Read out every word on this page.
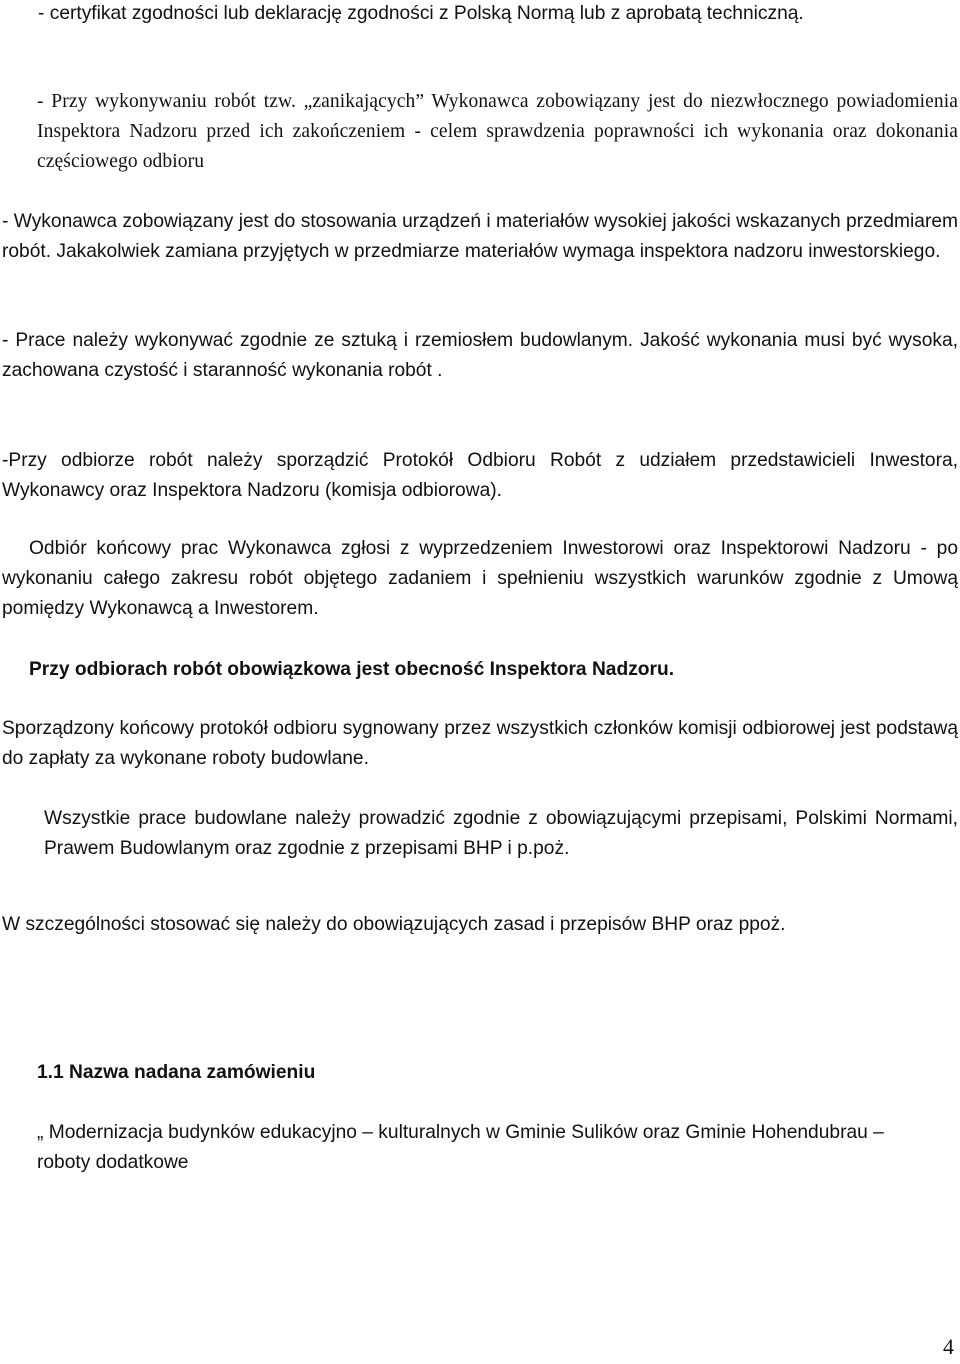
- certyfikat zgodności lub deklarację zgodności z Polską Normą lub z aprobatą techniczną.

- Przy wykonywaniu robót tzw. „zanikających” Wykonawca zobowiązany jest do niezwłocznego powiadomienia Inspektora Nadzoru przed ich zakończeniem - celem sprawdzenia poprawności ich wykonania oraz dokonania częściowego odbioru

- Wykonawca zobowiązany jest do stosowania urządzeń i materiałów wysokiej jakości wskazanych przedmiarem robót. Jakakolwiek zamiana przyjętych w przedmiarze materiałów wymaga inspektora nadzoru inwestorskiego.

- Prace należy wykonywać zgodnie ze sztuką i rzemiosłem budowlanym. Jakość wykonania musi być wysoka, zachowana czystość i staranność wykonania robót .

-Przy odbiorze robót należy sporządzić Protokół Odbioru Robót z udziałem przedstawicieli Inwestora, Wykonawcy oraz Inspektora Nadzoru (komisja odbiorowa).

Odbiór końcowy prac Wykonawca zgłosi z wyprzedzeniem Inwestorowi oraz Inspektorowi Nadzoru - po wykonaniu całego zakresu robót objętego zadaniem i spełnieniu wszystkich warunków zgodnie z Umową pomiędzy Wykonawcą a Inwestorem.

Przy odbiorach robót obowiązkowa jest obecność Inspektora Nadzoru.

Sporządzony końcowy protokół odbioru sygnowany przez wszystkich członków komisji odbiorowej jest podstawą do zapłaty za wykonane roboty budowlane.

Wszystkie prace budowlane należy prowadzić zgodnie z obowiązującymi przepisami, Polskimi Normami, Prawem Budowlanym oraz zgodnie z przepisami BHP i p.poż.

W szczególności stosować się należy do obowiązujących zasad i przepisów BHP oraz ppoż.

1.1 Nazwa nadana zamówieniu

„ Modernizacja budynków edukacyjno – kulturalnych w Gminie Sulików oraz Gminie Hohendubrau – roboty dodatkowe

4
